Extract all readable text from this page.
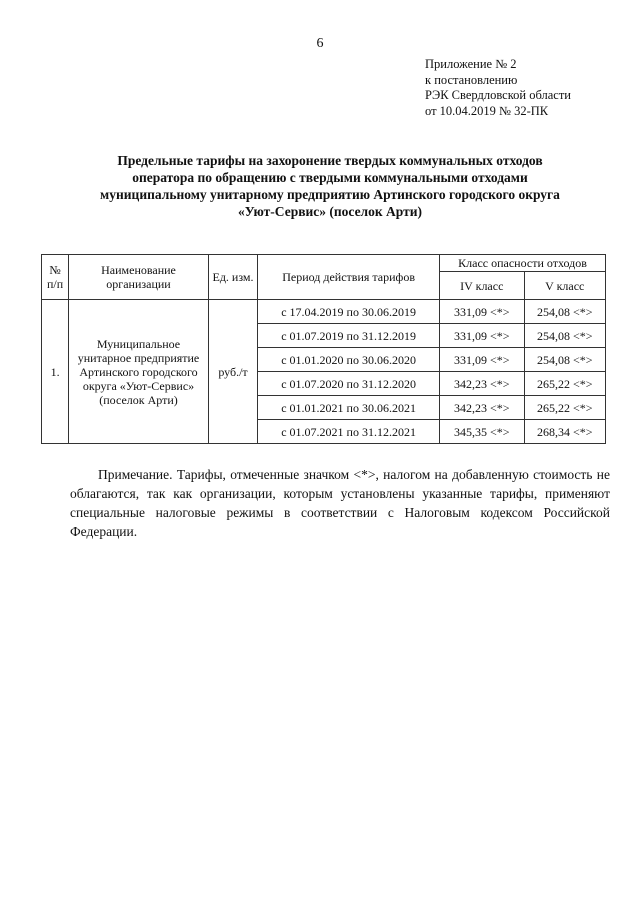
6
Приложение № 2
к постановлению
РЭК Свердловской области
от 10.04.2019 № 32-ПК
Предельные тарифы на захоронение твердых коммунальных отходов
оператора по обращению с твердыми коммунальными отходами
муниципальному унитарному предприятию Артинского городского округа
«Уют-Сервис» (поселок Арти)
№ п/п	Наименование организации	Ед. изм.	Период действия тарифов	Класс опасности отходов	
				IV класс	V класс
1.	Муниципальное унитарное предприятие Артинского городского округа «Уют-Сервис» (поселок Арти)	руб./т	с 17.04.2019 по 30.06.2019	331,09 <*>	254,08 <*>
			с 01.07.2019 по 31.12.2019	331,09 <*>	254,08 <*>
			с 01.01.2020 по 30.06.2020	331,09 <*>	254,08 <*>
			с 01.07.2020 по 31.12.2020	342,23 <*>	265,22 <*>
			с 01.01.2021 по 30.06.2021	342,23 <*>	265,22 <*>
			с 01.07.2021 по 31.12.2021	345,35 <*>	268,34 <*>
Примечание. Тарифы, отмеченные значком <*>, налогом на добавленную стоимость не облагаются, так как организации, которым установлены указанные тарифы, применяют специальные налоговые режимы в соответствии с Налоговым кодексом Российской Федерации.
